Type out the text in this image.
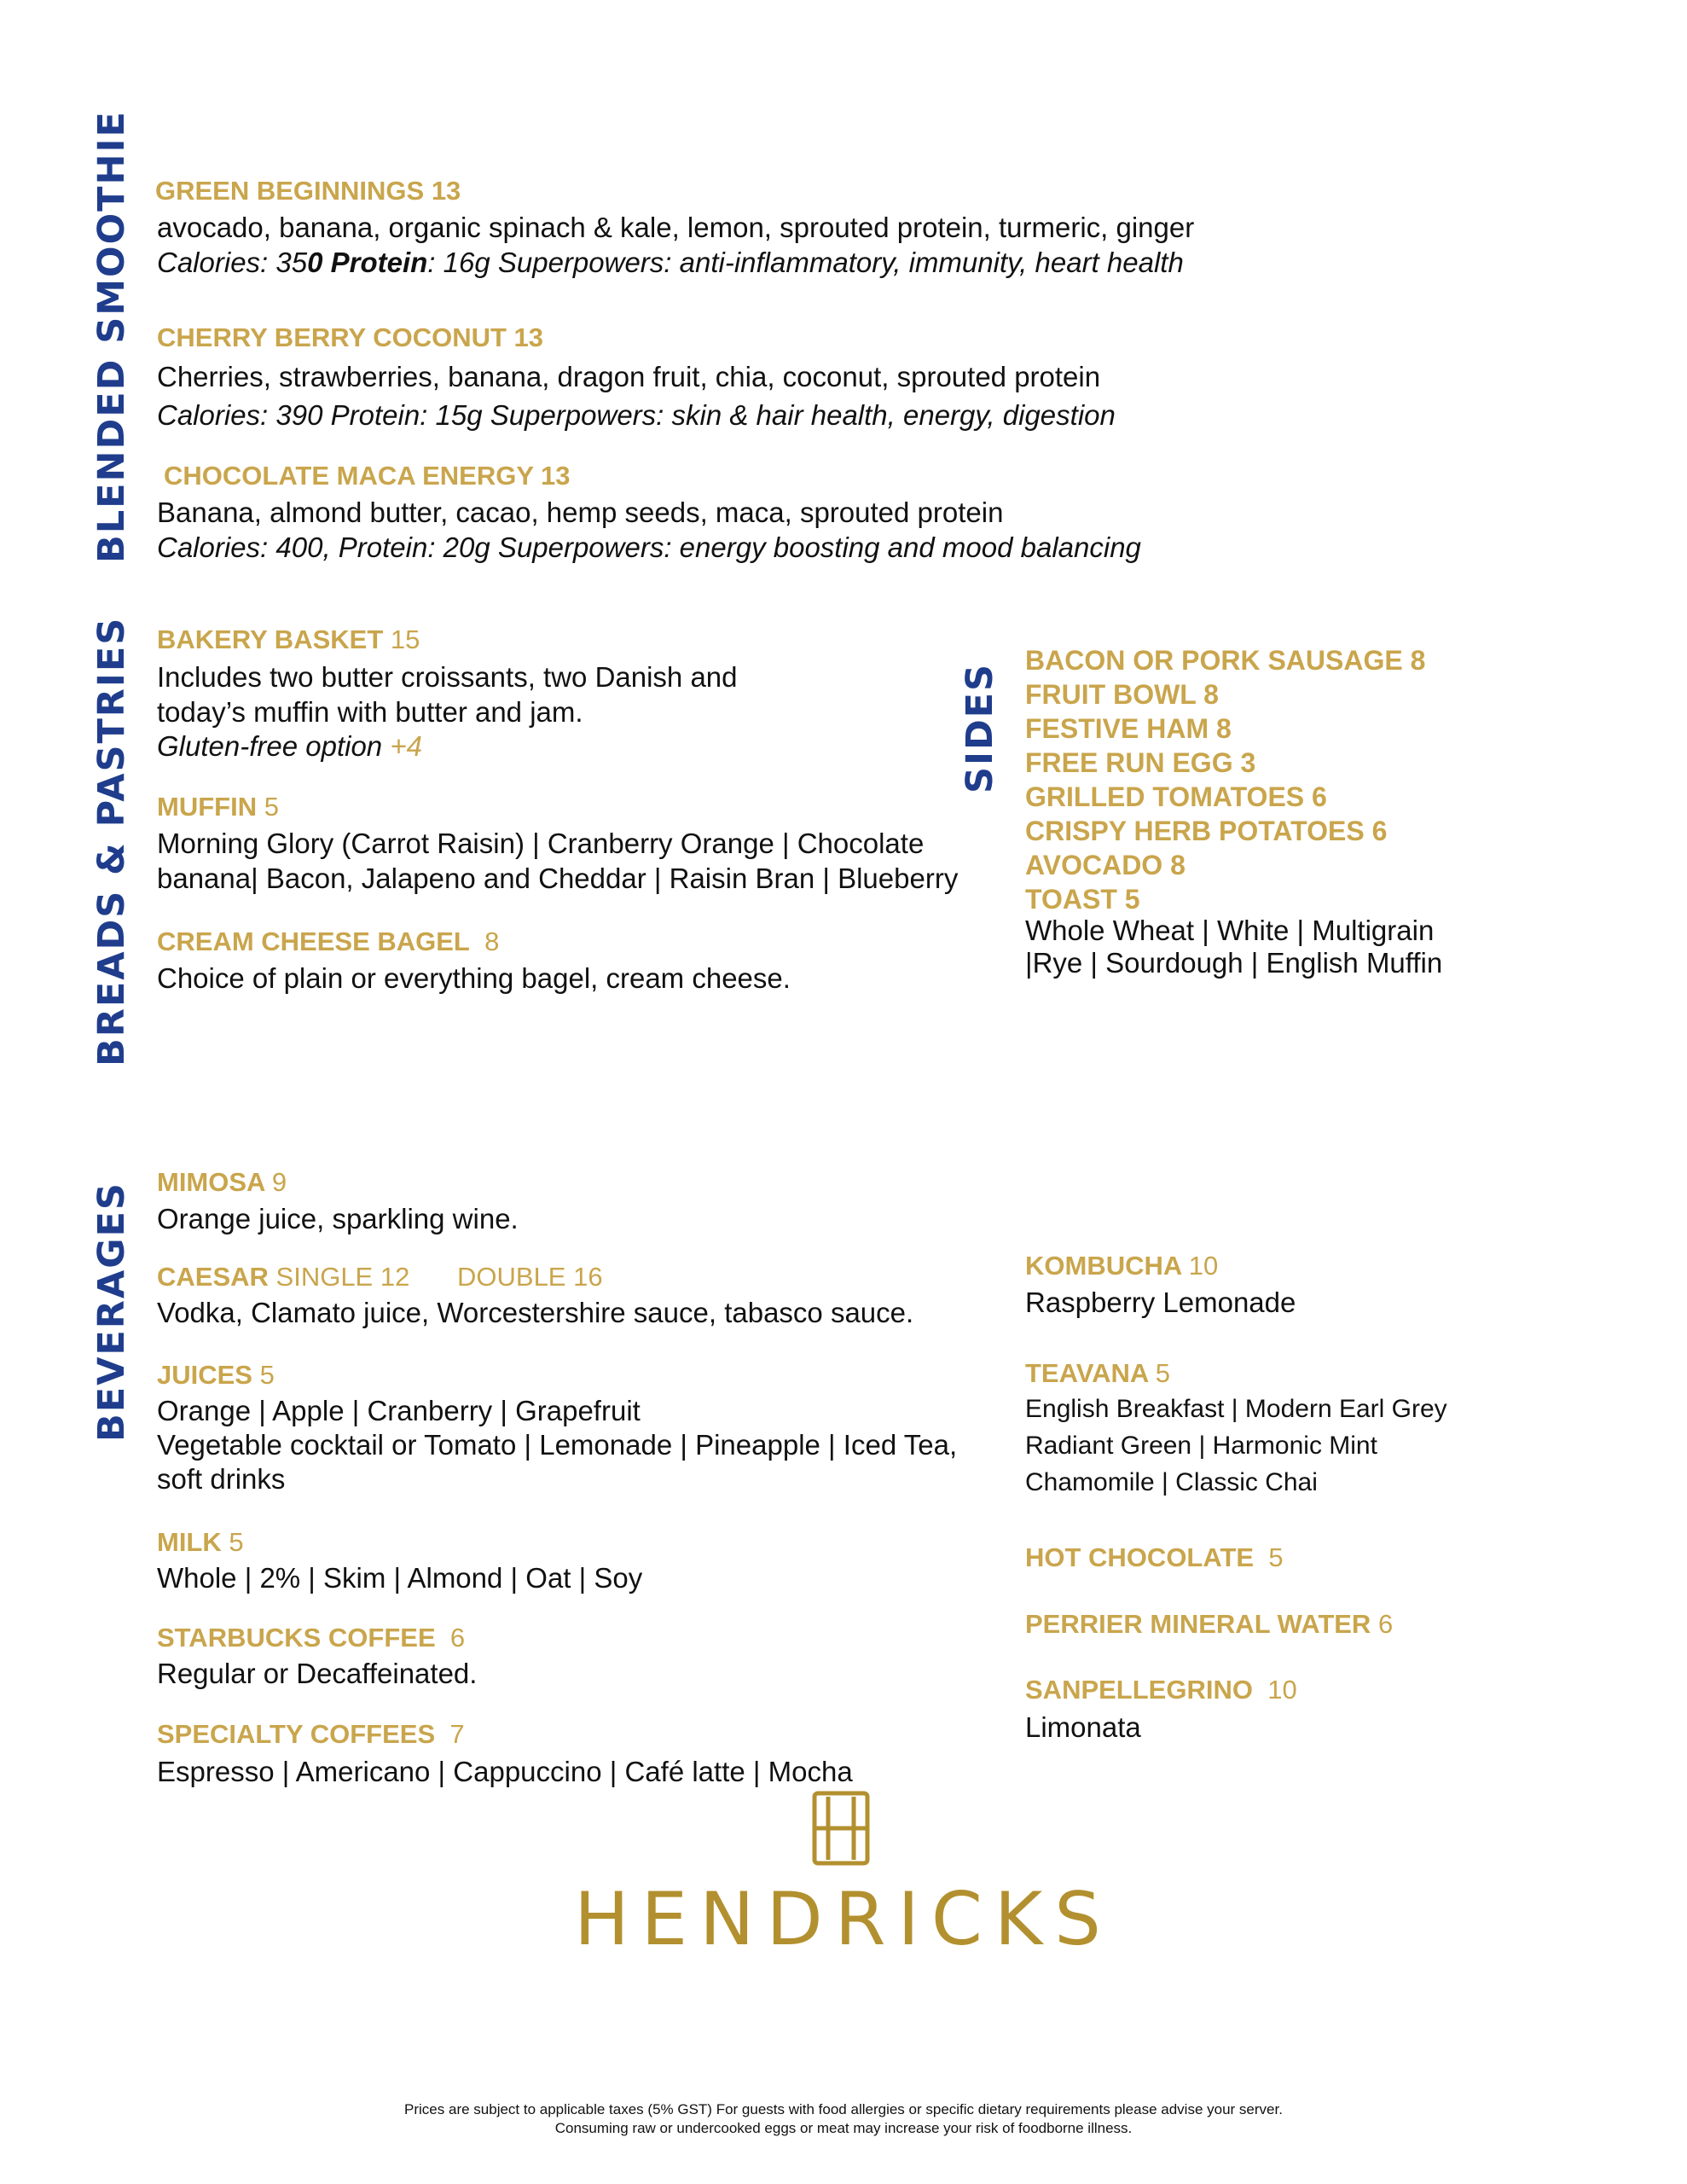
BLENDED SMOOTHIE
BREADS & PASTRIES	SIDES
BEVERAGES
GREEN BEGINNINGS 13
avocado, banana, organic spinach & kale, lemon, sprouted protein, turmeric, ginger
Calories: 350 Protein: 16g Superpowers: anti-inflammatory, immunity, heart health
CHERRY BERRY COCONUT 13
Cherries, strawberries, banana, dragon fruit, chia, coconut, sprouted protein
Calories: 390 Protein: 15g Superpowers: skin & hair health, energy, digestion
CHOCOLATE MACA ENERGY 13
Banana, almond butter, cacao, hemp seeds, maca, sprouted protein
Calories: 400, Protein: 20g Superpowers: energy boosting and mood balancing
BAKERY BASKET 15
Includes two butter croissants, two Danish and
today’s muffin with butter and jam.
Gluten-free option +4
MUFFIN 5
Morning Glory (Carrot Raisin) | Cranberry Orange | Chocolate
banana| Bacon, Jalapeno and Cheddar | Raisin Bran | Blueberry
CREAM CHEESE BAGEL 8
Choice of plain or everything bagel, cream cheese.
BACON OR PORK SAUSAGE 8
FRUIT BOWL 8
FESTIVE HAM 8
FREE RUN EGG 3
GRILLED TOMATOES 6
CRISPY HERB POTATOES 6
AVOCADO 8
TOAST 5
Whole Wheat | White | Multigrain
|Rye | Sourdough | English Muffin
MIMOSA 9
Orange juice, sparkling wine.
CAESAR SINGLE 12 DOUBLE 16
Vodka, Clamato juice, Worcestershire sauce, tabasco sauce.
JUICES 5
Orange | Apple | Cranberry | Grapefruit
Vegetable cocktail or Tomato | Lemonade | Pineapple | Iced Tea,
soft drinks
MILK 5
Whole | 2% | Skim | Almond | Oat | Soy
STARBUCKS COFFEE 6
Regular or Decaffeinated.
SPECIALTY COFFEES 7
Espresso | Americano | Cappuccino | Café latte | Mocha
KOMBUCHA 10
Raspberry Lemonade
TEAVANA 5
English Breakfast | Modern Earl Grey
Radiant Green | Harmonic Mint
Chamomile | Classic Chai
HOT CHOCOLATE 5
PERRIER MINERAL WATER 6
SANPELLEGRINO 10
Limonata
HENDRICKS
Prices are subject to applicable taxes (5% GST) For guests with food allergies or specific dietary requirements please advise your server.
Consuming raw or undercooked eggs or meat may increase your risk of foodborne illness.
